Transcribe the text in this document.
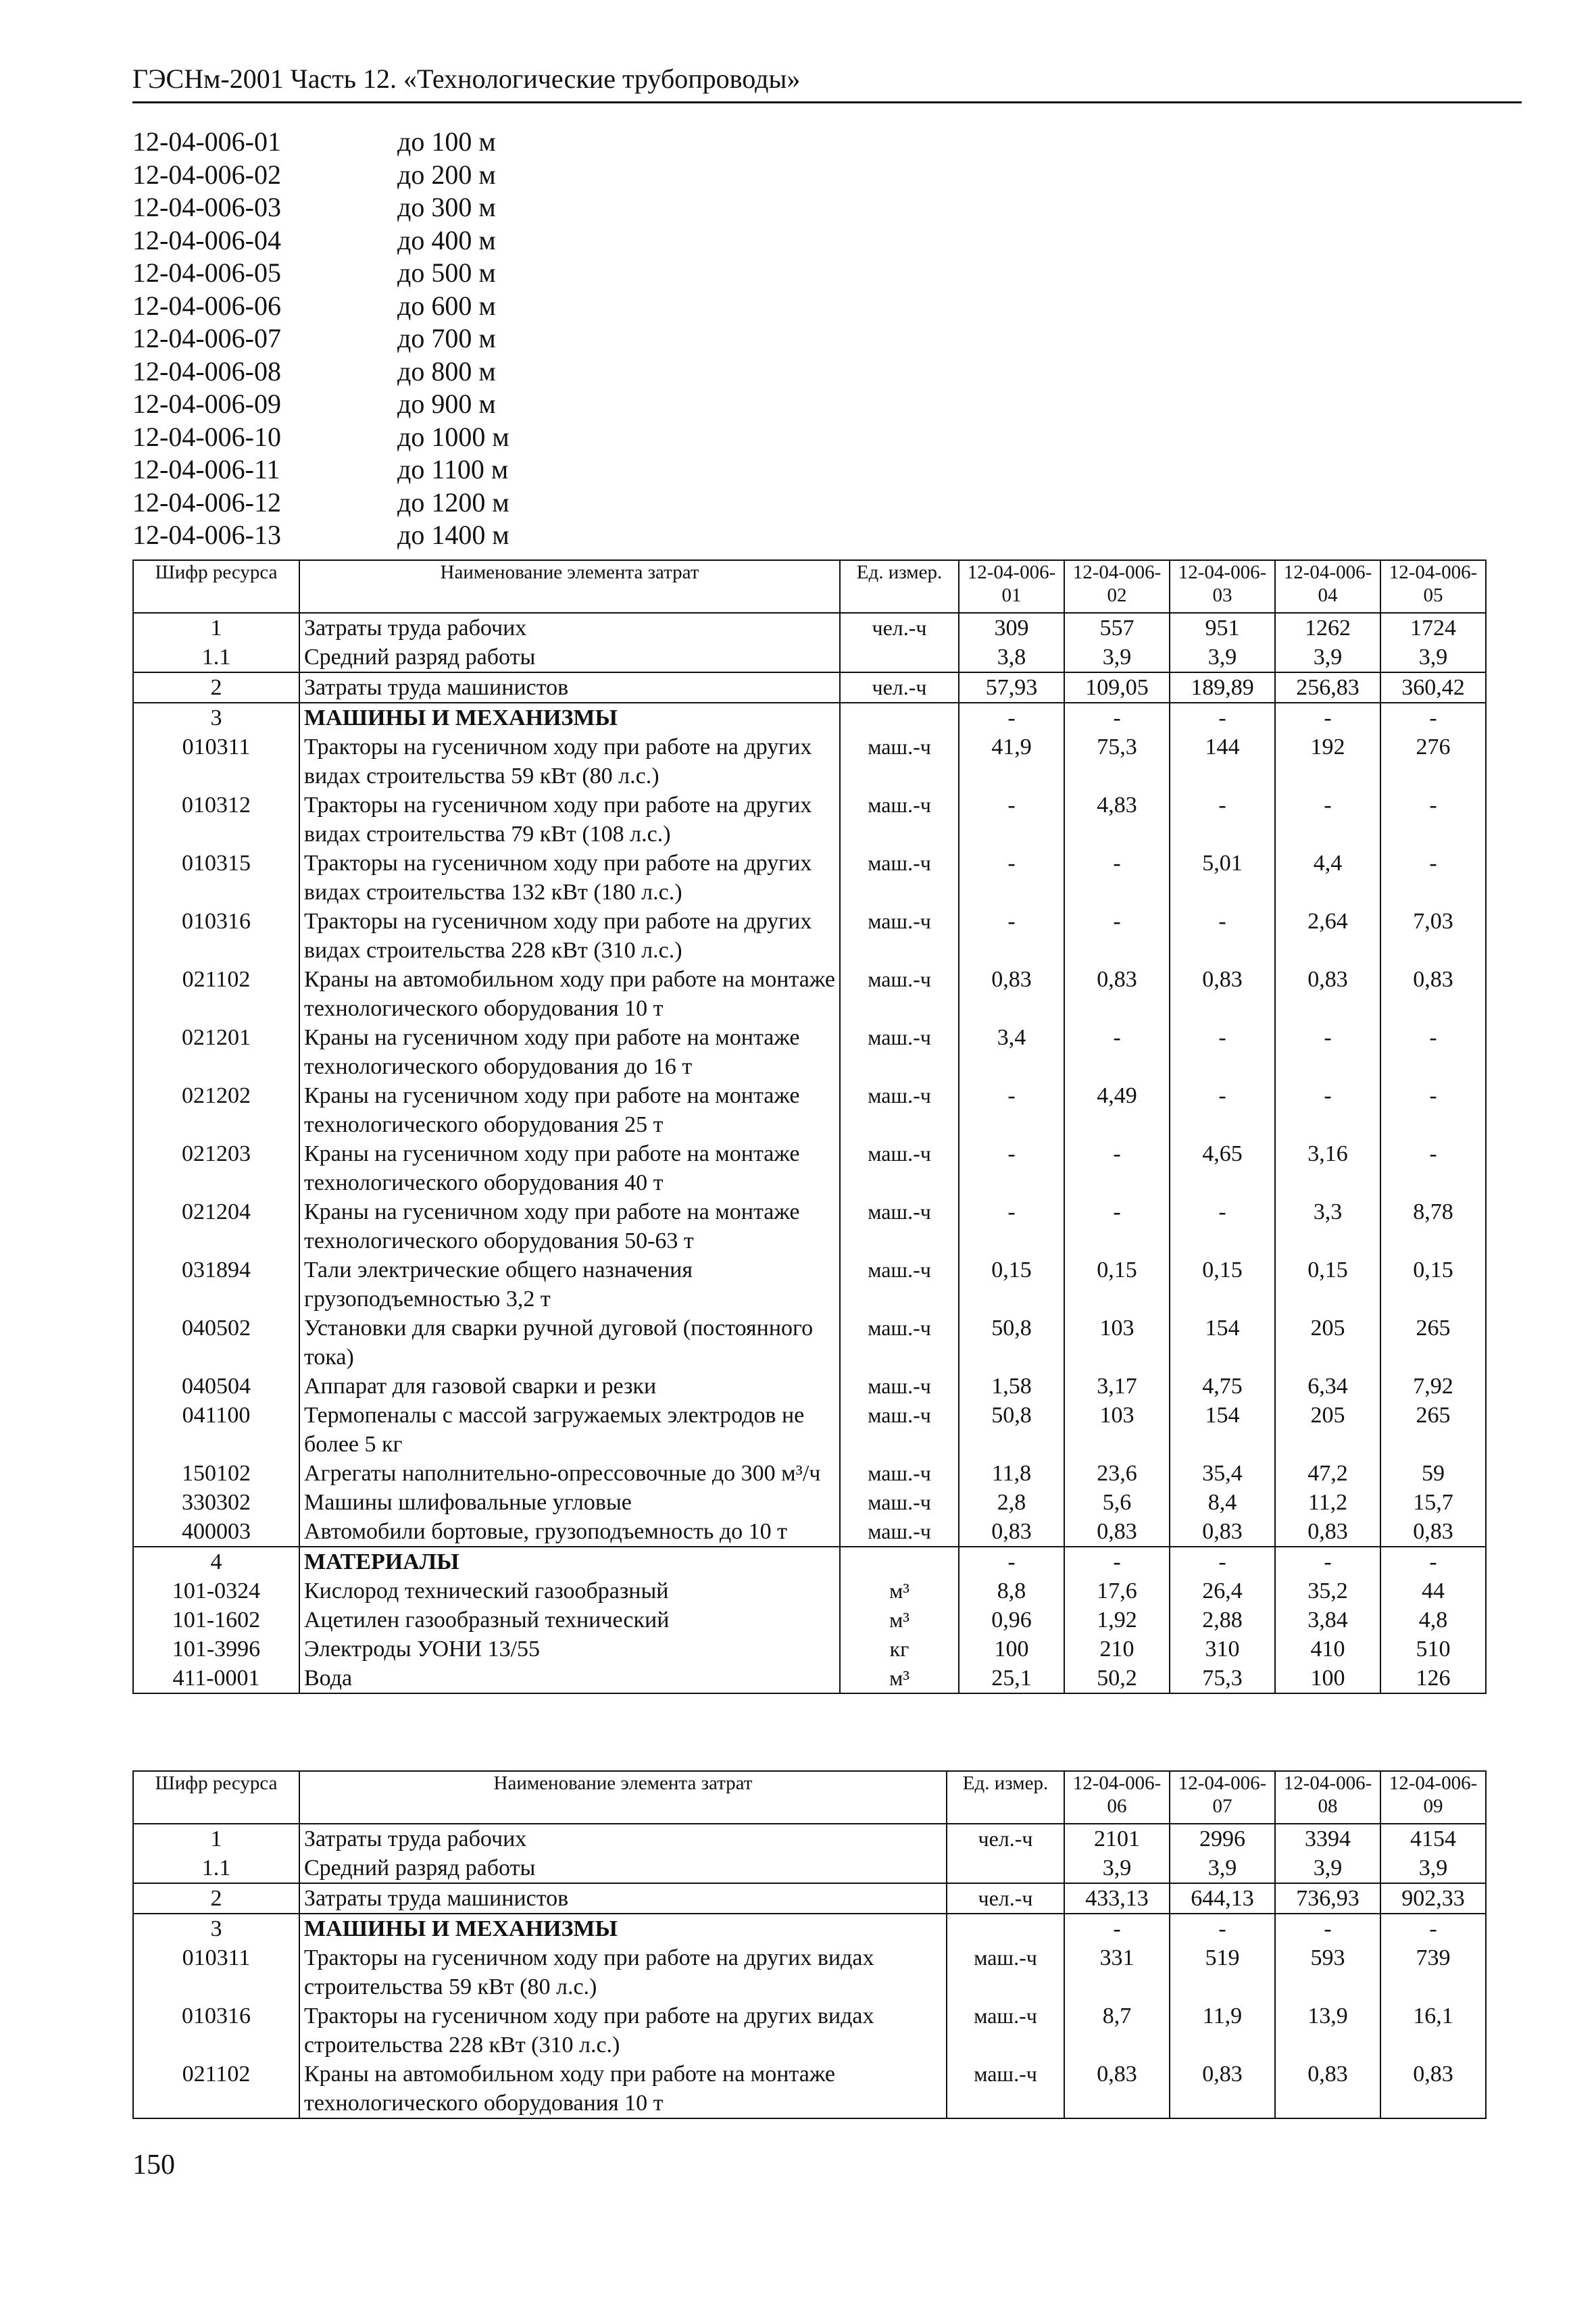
ГЭСНм-2001 Часть 12. «Технологические трубопроводы»
12-04-006-01	до 100 м
12-04-006-02	до 200 м
12-04-006-03	до 300 м
12-04-006-04	до 400 м
12-04-006-05	до 500 м
12-04-006-06	до 600 м
12-04-006-07	до 700 м
12-04-006-08	до 800 м
12-04-006-09	до 900 м
12-04-006-10	до 1000 м
12-04-006-11	до 1100 м
12-04-006-12	до 1200 м
12-04-006-13	до 1400 м
Шифр ресурса	Наименование элемента затрат	Ед. измер.	12-04-006-01	12-04-006-02	12-04-006-03	12-04-006-04	12-04-006-05
1	Затраты труда рабочих	чел.-ч	309	557	951	1262	1724
1.1	Средний разряд работы		3,8	3,9	3,9	3,9	3,9
2	Затраты труда машинистов	чел.-ч	57,93	109,05	189,89	256,83	360,42
3	МАШИНЫ И МЕХАНИЗМЫ		-	-	-	-	-
010311	Тракторы на гусеничном ходу при работе на других видах строительства 59 кВт (80 л.с.)	маш.-ч	41,9	75,3	144	192	276
010312	Тракторы на гусеничном ходу при работе на других видах строительства 79 кВт (108 л.с.)	маш.-ч	-	4,83	-	-	-
010315	Тракторы на гусеничном ходу при работе на других видах строительства 132 кВт (180 л.с.)	маш.-ч	-	-	5,01	4,4	-
010316	Тракторы на гусеничном ходу при работе на других видах строительства 228 кВт (310 л.с.)	маш.-ч	-	-	-	2,64	7,03
021102	Краны на автомобильном ходу при работе на монтаже технологического оборудования 10 т	маш.-ч	0,83	0,83	0,83	0,83	0,83
021201	Краны на гусеничном ходу при работе на монтаже технологического оборудования до 16 т	маш.-ч	3,4	-	-	-	-
021202	Краны на гусеничном ходу при работе на монтаже технологического оборудования 25 т	маш.-ч	-	4,49	-	-	-
021203	Краны на гусеничном ходу при работе на монтаже технологического оборудования 40 т	маш.-ч	-	-	4,65	3,16	-
021204	Краны на гусеничном ходу при работе на монтаже технологического оборудования 50-63 т	маш.-ч	-	-	-	3,3	8,78
031894	Тали электрические общего назначения грузоподъемностью 3,2 т	маш.-ч	0,15	0,15	0,15	0,15	0,15
040502	Установки для сварки ручной дуговой (постоянного тока)	маш.-ч	50,8	103	154	205	265
040504	Аппарат для газовой сварки и резки	маш.-ч	1,58	3,17	4,75	6,34	7,92
041100	Термопеналы с массой загружаемых электродов не более 5 кг	маш.-ч	50,8	103	154	205	265
150102	Агрегаты наполнительно-опрессовочные до 300 м³/ч	маш.-ч	11,8	23,6	35,4	47,2	59
330302	Машины шлифовальные угловые	маш.-ч	2,8	5,6	8,4	11,2	15,7
400003	Автомобили бортовые, грузоподъемность до 10 т	маш.-ч	0,83	0,83	0,83	0,83	0,83
4	МАТЕРИАЛЫ		-	-	-	-	-
101-0324	Кислород технический газообразный	м³	8,8	17,6	26,4	35,2	44
101-1602	Ацетилен газообразный технический	м³	0,96	1,92	2,88	3,84	4,8
101-3996	Электроды УОНИ 13/55	кг	100	210	310	410	510
411-0001	Вода	м³	25,1	50,2	75,3	100	126
Шифр ресурса	Наименование элемента затрат	Ед. измер.	12-04-006-06	12-04-006-07	12-04-006-08	12-04-006-09
1	Затраты труда рабочих	чел.-ч	2101	2996	3394	4154
1.1	Средний разряд работы		3,9	3,9	3,9	3,9
2	Затраты труда машинистов	чел.-ч	433,13	644,13	736,93	902,33
3	МАШИНЫ И МЕХАНИЗМЫ		-	-	-	-
010311	Тракторы на гусеничном ходу при работе на других видах строительства 59 кВт (80 л.с.)	маш.-ч	331	519	593	739
010316	Тракторы на гусеничном ходу при работе на других видах строительства 228 кВт (310 л.с.)	маш.-ч	8,7	11,9	13,9	16,1
021102	Краны на автомобильном ходу при работе на монтаже технологического оборудования 10 т	маш.-ч	0,83	0,83	0,83	0,83
150
